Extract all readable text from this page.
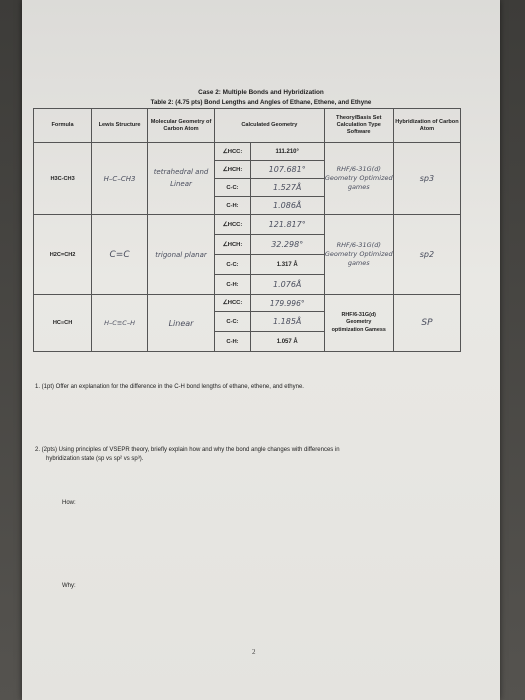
Case 2: Multiple Bonds and Hybridization
Table 2: (4.75 pts) Bond Lengths and Angles of Ethane, Ethene, and Ethyne
Formula	Lewis Structure	Molecular Geometry of Carbon Atom	Calculated Geometry		Theory/Basis Set Calculation Type Software	Hybridization of Carbon Atom
H3C-CH3	H–C–CH3	tetrahedral and Linear	∠HCC:	111.210°	RHF/6-31G(d) Geometry Optimized games	sp3
			∠HCH:	107.681°		
			C-C:	1.527Å		
			C-H:	1.086Å		
H2C=CH2	C=C	trigonal planar	∠HCC:	121.817°	RHF/6-31G(d) Geometry Optimized games	sp2
			∠HCH:	32.298°		
			C-C:	1.317 Å		
			C-H:	1.076Å		
HC≡CH	H–C≡C–H	Linear	∠HCC:	179.996°	RHF/6-31G(d) Geometry optimization Gamess	SP
			C-C:	1.185Å		
			C-H:	1.057 Å		
1. (1pt) Offer an explanation for the difference in the C-H bond lengths of ethane, ethene, and ethyne.
2. (2pts) Using principles of VSEPR theory, briefly explain how and why the bond angle changes with differences in
hybridization state (sp vs sp² vs sp³).
How:
Why:
2
